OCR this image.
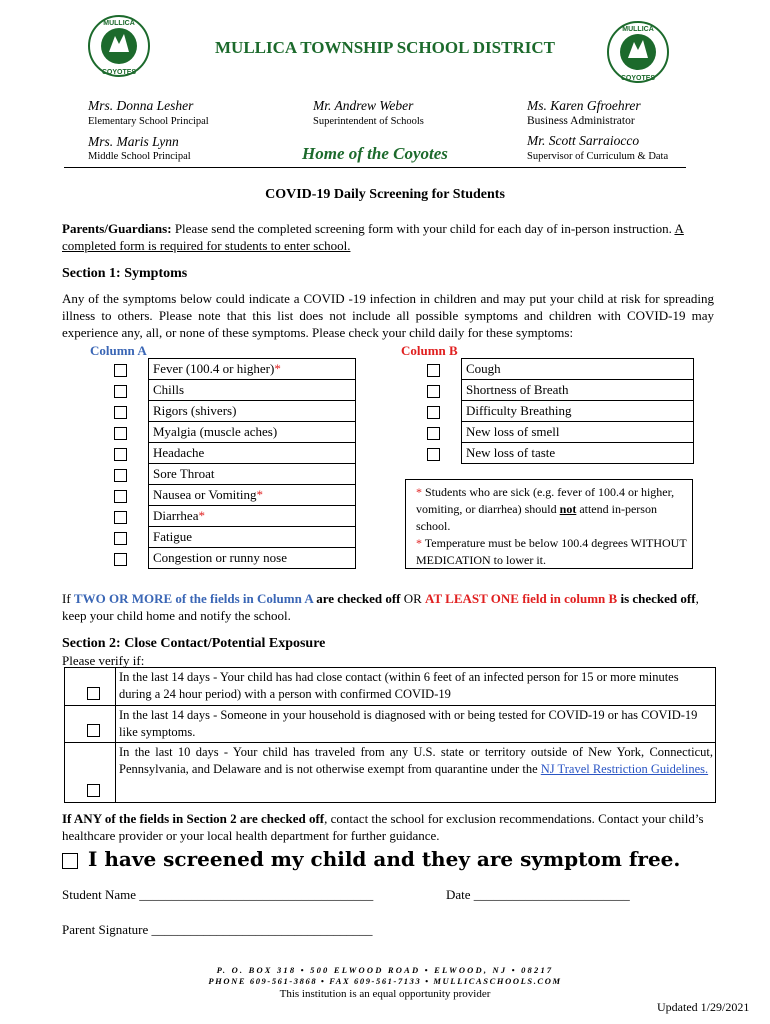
MULLICA
COYOTES
MULLICA
COYOTES
MULLICA TOWNSHIP SCHOOL DISTRICT
Mrs. Donna Lesher
Elementary School Principal
Mrs. Maris Lynn
Middle School Principal
Mr. Andrew Weber
Superintendent of Schools
Home of the Coyotes
Ms. Karen Gfroehrer
Business Administrator
Mr. Scott Sarraiocco
Supervisor of Curriculum & Data
COVID-19 Daily Screening for Students
Parents/Guardians: Please send the completed screening form with your child for each day of in-person instruction. A completed form is required for students to enter school.
Section 1: Symptoms
Any of the symptoms below could indicate a COVID -19 infection in children and may put your child at risk for spreading illness to others. Please note that this list does not include all possible symptoms and children with COVID-19 may experience any, all, or none of these symptoms. Please check your child daily for these symptoms:
Column A	Column B
	Fever (100.4 or higher)*
	Chills
	Rigors (shivers)
	Myalgia (muscle aches)
	Headache
	Sore Throat
	Nausea or Vomiting*
	Diarrhea*
	Fatigue
	Congestion or runny nose
	Cough
	Shortness of Breath
	Difficulty Breathing
	New loss of smell
	New loss of taste
* Students who are sick (e.g. fever of 100.4 or higher, vomiting, or diarrhea) should not attend in-person school.
* Temperature must be below 100.4 degrees WITHOUT MEDICATION to lower it.
If TWO OR MORE of the fields in Column A are checked off OR AT LEAST ONE field in column B is checked off, keep your child home and notify the school.
Section 2: Close Contact/Potential Exposure
Please verify if:
In the last 14 days - Your child has had close contact (within 6 feet of an infected person for 15 or more minutes during a 24 hour period) with a person with confirmed COVID-19
In the last 14 days - Someone in your household is diagnosed with or being tested for COVID-19 or has COVID-19 like symptoms.
In the last 10 days - Your child has traveled from any U.S. state or territory outside of New York, Connecticut, Pennsylvania, and Delaware and is not otherwise exempt from quarantine under the NJ Travel Restriction Guidelines.
If ANY of the fields in Section 2 are checked off, contact the school for exclusion recommendations. Contact your child’s healthcare provider or your local health department for further guidance.
I have screened my child and they are symptom free.
Student Name ____________________________________	Date ________________________
Parent Signature __________________________________
P. O. BOX 318 • 500 ELWOOD ROAD • ELWOOD, NJ • 08217
PHONE 609-561-3868 • FAX 609-561-7133 • MULLICASCHOOLS.COM
This institution is an equal opportunity provider
Updated 1/29/2021
